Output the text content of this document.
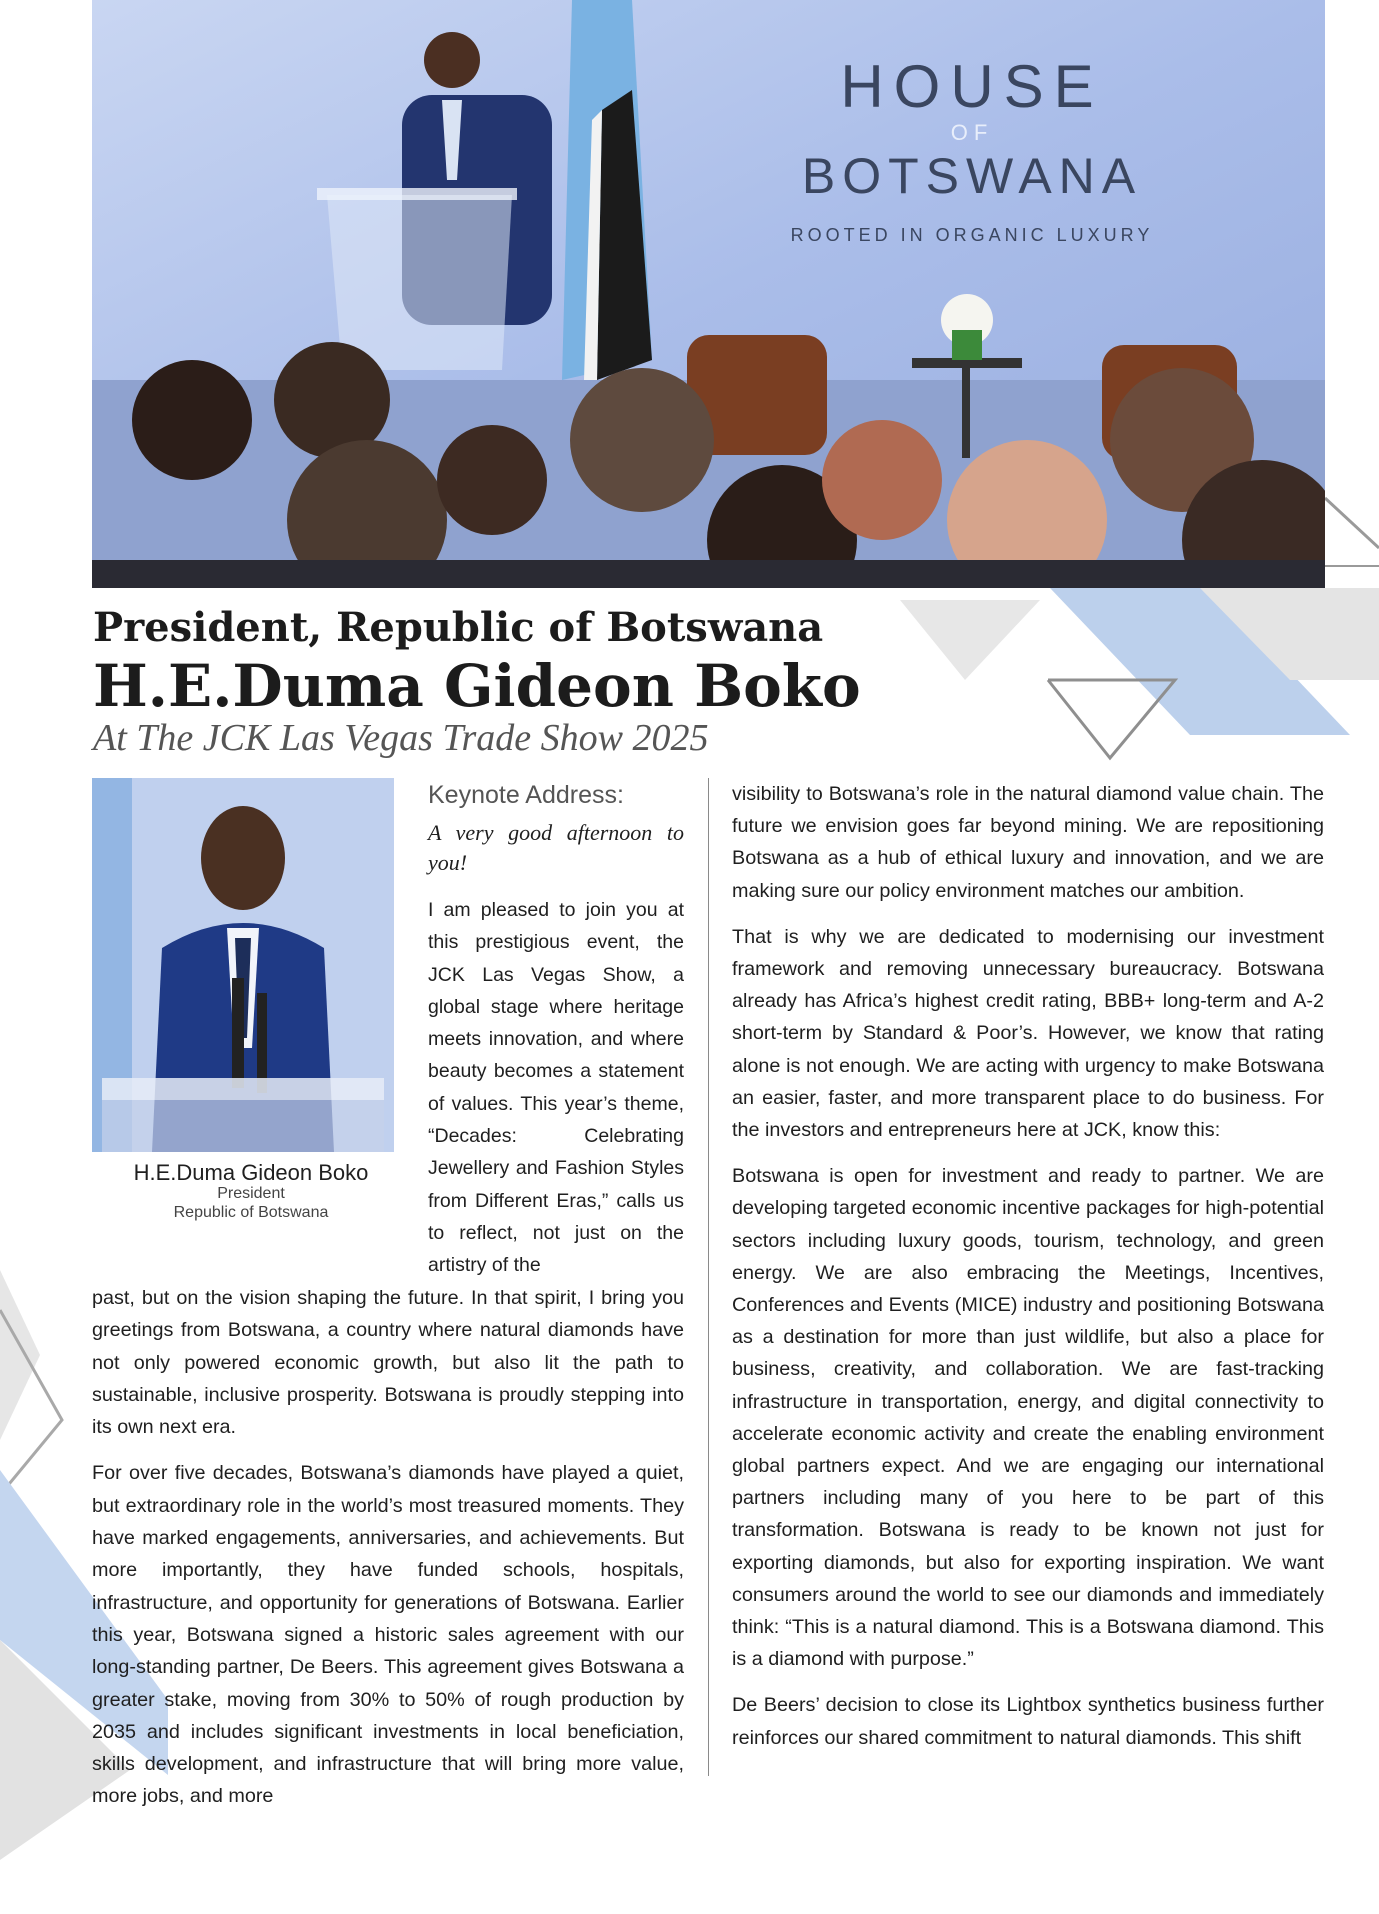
HOUSE
OF
BOTSWANA
ROOTED IN ORGANIC LUXURY
President, Republic of Botswana
H.E.Duma Gideon Boko
At The JCK Las Vegas Trade Show 2025
H.E.Duma Gideon Boko
President
Republic of Botswana
Keynote Address:

A very good afternoon to you!

I am pleased to join you at this prestigious event, the JCK Las Vegas Show, a global stage where heritage meets innovation, and where beauty becomes a statement of values. This year’s theme, “Decades: Celebrating Jewellery and Fashion Styles from Different Eras,” calls us to reflect, not just on the artistry of the

past, but on the vision shaping the future. In that spirit, I bring you greetings from Botswana, a country where natural diamonds have not only powered economic growth, but also lit the path to sustainable, inclusive prosperity. Botswana is proudly stepping into its own next era.

For over five decades, Botswana’s diamonds have played a quiet, but extraordinary role in the world’s most treasured moments. They have marked engagements, anniversaries, and achievements. But more importantly, they have funded schools, hospitals, infrastructure, and opportunity for generations of Botswana. Earlier this year, Botswana signed a historic sales agreement with our long-standing partner, De Beers. This agreement gives Botswana a greater stake, moving from 30% to 50% of rough production by 2035 and includes significant investments in local beneficiation, skills development, and infrastructure that will bring more value, more jobs, and more

visibility to Botswana’s role in the natural diamond value chain. The future we envision goes far beyond mining. We are repositioning Botswana as a hub of ethical luxury and innovation, and we are making sure our policy environment matches our ambition.

That is why we are dedicated to modernising our investment framework and removing unnecessary bureaucracy. Botswana already has Africa’s highest credit rating, BBB+ long-term and A-2 short-term by Standard & Poor’s. However, we know that rating alone is not enough. We are acting with urgency to make Botswana an easier, faster, and more transparent place to do business. For the investors and entrepreneurs here at JCK, know this:

Botswana is open for investment and ready to partner. We are developing targeted economic incentive packages for high-potential sectors including luxury goods, tourism, technology, and green energy. We are also embracing the Meetings, Incentives, Conferences and Events (MICE) industry and positioning Botswana as a destination for more than just wildlife, but also a place for business, creativity, and collaboration. We are fast-tracking infrastructure in transportation, energy, and digital connectivity to accelerate economic activity and create the enabling environment global partners expect. And we are engaging our international partners including many of you here to be part of this transformation. Botswana is ready to be known not just for exporting diamonds, but also for exporting inspiration. We want consumers around the world to see our diamonds and immediately think: “This is a natural diamond. This is a Botswana diamond. This is a diamond with purpose.”

De Beers’ decision to close its Lightbox synthetics business further reinforces our shared commitment to natural diamonds. This shift
